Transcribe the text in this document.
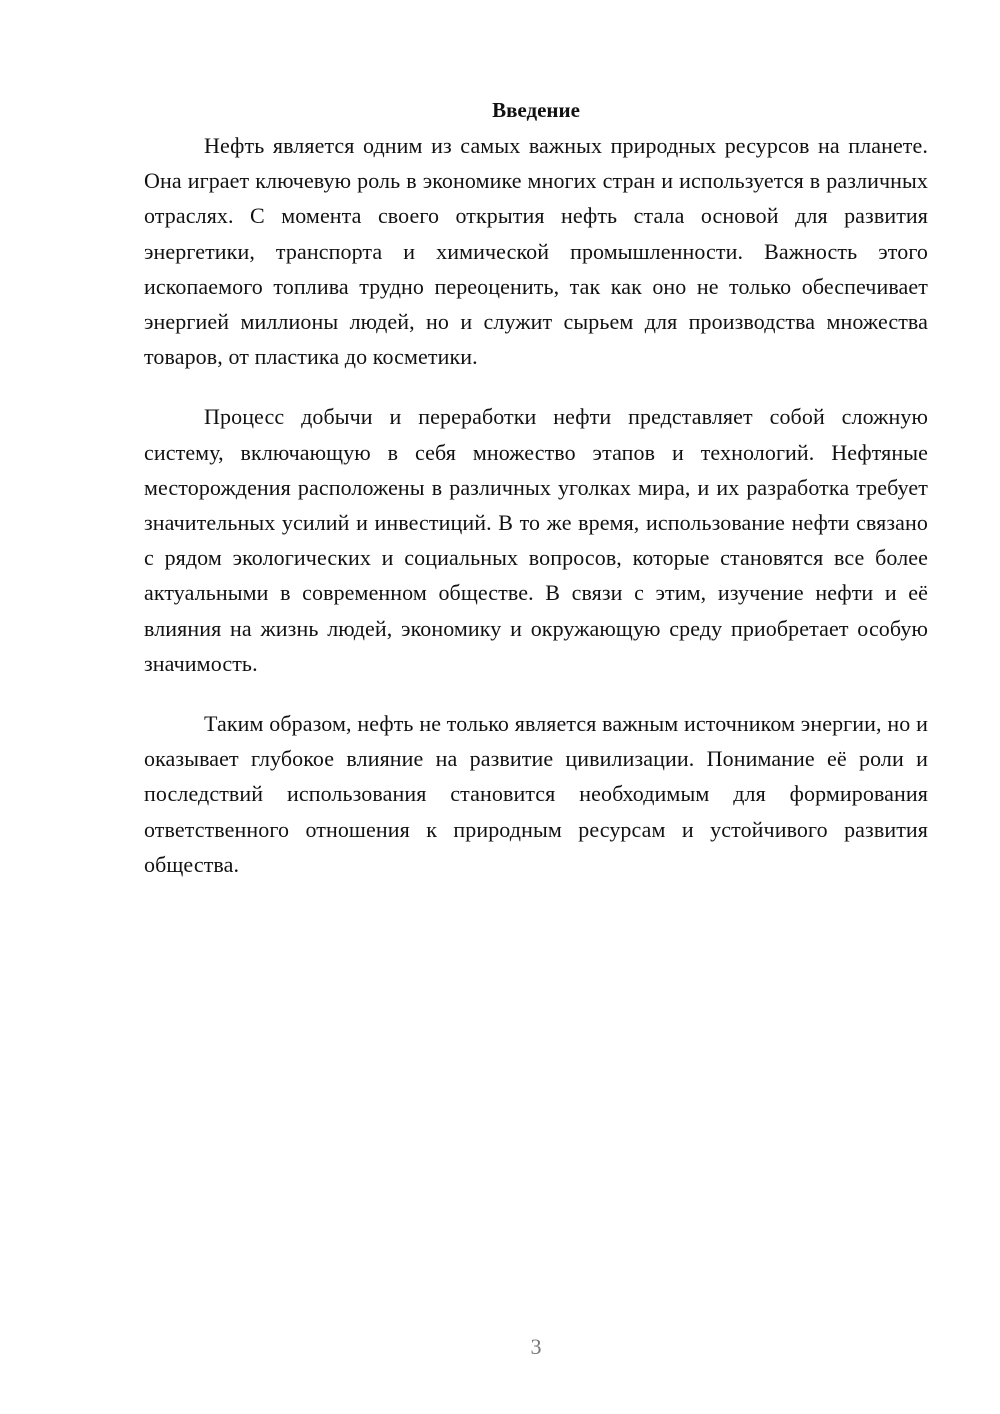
Введение

Нефть является одним из самых важных природных ресурсов на планете. Она играет ключевую роль в экономике многих стран и используется в различных отраслях. С момента своего открытия нефть стала основой для развития энергетики, транспорта и химической промышленности. Важность этого ископаемого топлива трудно переоценить, так как оно не только обеспечивает энергией миллионы людей, но и служит сырьем для производства множества товаров, от пластика до косметики.

Процесс добычи и переработки нефти представляет собой сложную систему, включающую в себя множество этапов и технологий. Нефтяные месторождения расположены в различных уголках мира, и их разработка требует значительных усилий и инвестиций. В то же время, использование нефти связано с рядом экологических и социальных вопросов, которые становятся все более актуальными в современном обществе. В связи с этим, изучение нефти и её влияния на жизнь людей, экономику и окружающую среду приобретает особую значимость.

Таким образом, нефть не только является важным источником энергии, но и оказывает глубокое влияние на развитие цивилизации. Понимание её роли и последствий использования становится необходимым для формирования ответственного отношения к природным ресурсам и устойчивого развития общества.

3
